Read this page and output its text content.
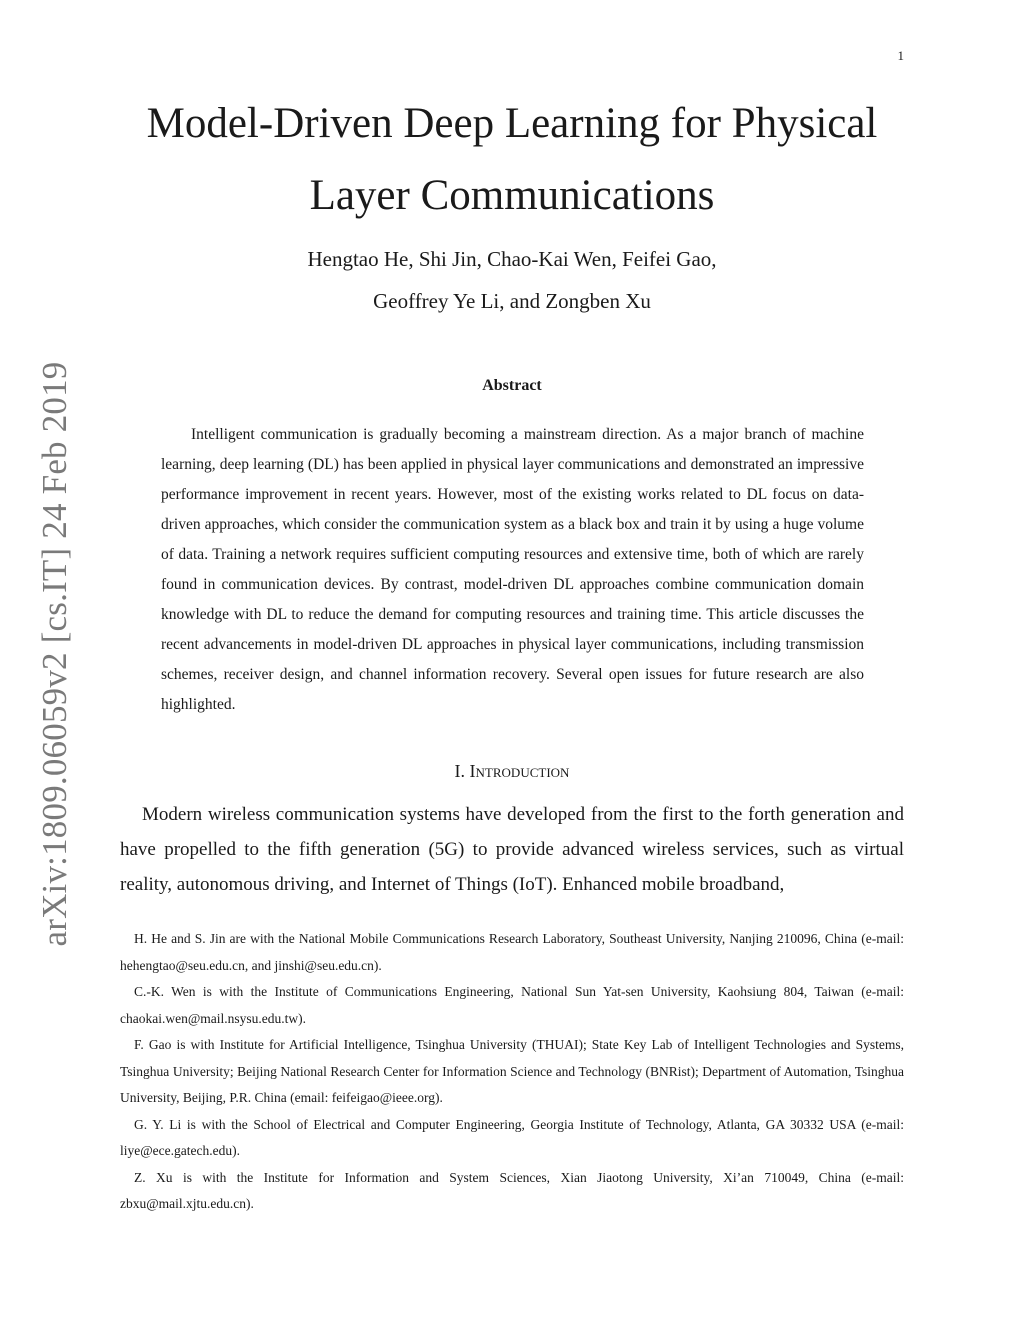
1
arXiv:1809.06059v2 [cs.IT] 24 Feb 2019
Model-Driven Deep Learning for Physical
Layer Communications
Hengtao He, Shi Jin, Chao-Kai Wen, Feifei Gao,
Geoffrey Ye Li, and Zongben Xu
Abstract

Intelligent communication is gradually becoming a mainstream direction. As a major branch of machine learning, deep learning (DL) has been applied in physical layer communications and demonstrated an impressive performance improvement in recent years. However, most of the existing works related to DL focus on data-driven approaches, which consider the communication system as a black box and train it by using a huge volume of data. Training a network requires sufficient computing resources and extensive time, both of which are rarely found in communication devices. By contrast, model-driven DL approaches combine communication domain knowledge with DL to reduce the demand for computing resources and training time. This article discusses the recent advancements in model-driven DL approaches in physical layer communications, including transmission schemes, receiver design, and channel information recovery. Several open issues for future research are also highlighted.

I. Introduction

Modern wireless communication systems have developed from the first to the forth generation and have propelled to the fifth generation (5G) to provide advanced wireless services, such as virtual reality, autonomous driving, and Internet of Things (IoT). Enhanced mobile broadband,

H. He and S. Jin are with the National Mobile Communications Research Laboratory, Southeast University, Nanjing 210096, China (e-mail: hehengtao@seu.edu.cn, and jinshi@seu.edu.cn).

C.-K. Wen is with the Institute of Communications Engineering, National Sun Yat-sen University, Kaohsiung 804, Taiwan (e-mail: chaokai.wen@mail.nsysu.edu.tw).

F. Gao is with Institute for Artificial Intelligence, Tsinghua University (THUAI); State Key Lab of Intelligent Technologies and Systems, Tsinghua University; Beijing National Research Center for Information Science and Technology (BNRist); Department of Automation, Tsinghua University, Beijing, P.R. China (email: feifeigao@ieee.org).

G. Y. Li is with the School of Electrical and Computer Engineering, Georgia Institute of Technology, Atlanta, GA 30332 USA (e-mail: liye@ece.gatech.edu).

Z. Xu is with the Institute for Information and System Sciences, Xian Jiaotong University, Xi’an 710049, China (e-mail: zbxu@mail.xjtu.edu.cn).
